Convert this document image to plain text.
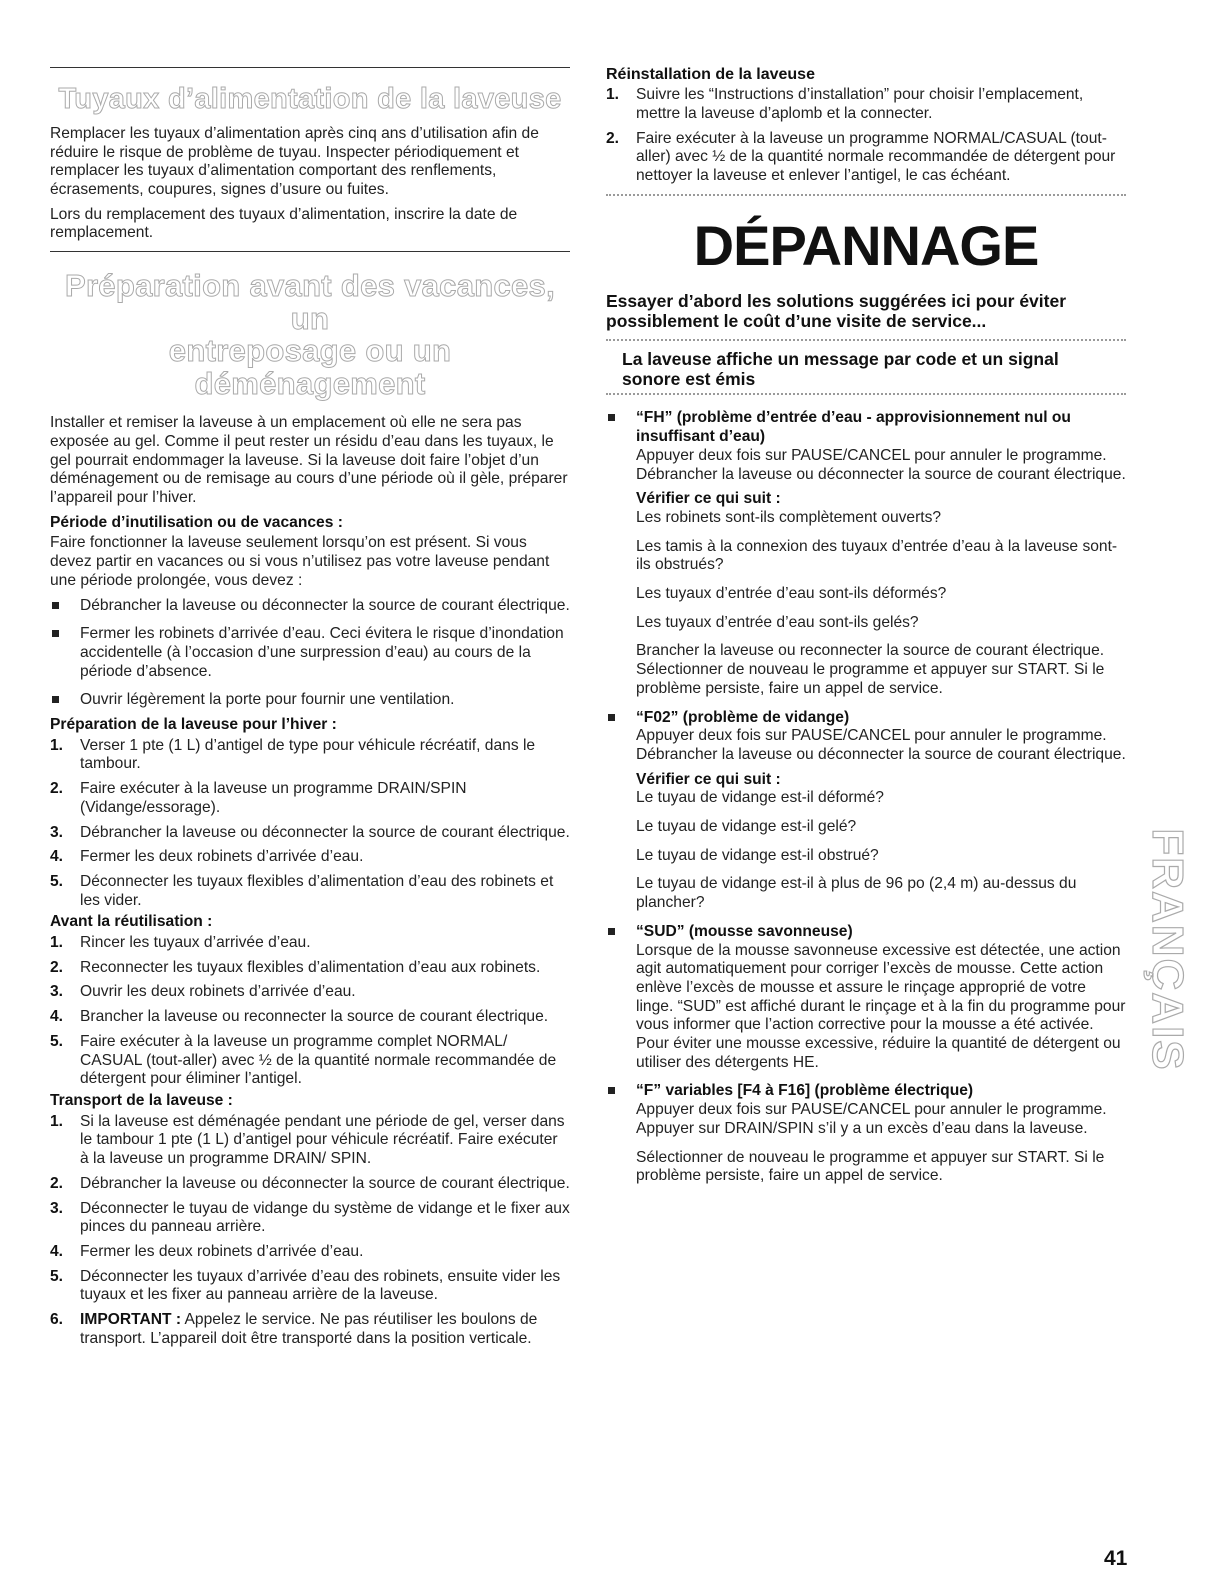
Tuyaux d’alimentation de la laveuse

Remplacer les tuyaux d’alimentation après cinq ans d’utilisation afin de réduire le risque de problème de tuyau. Inspecter périodiquement et remplacer les tuyaux d’alimentation comportant des renflements, écrasements, coupures, signes d’usure ou fuites.

Lors du remplacement des tuyaux d’alimentation, inscrire la date de remplacement.

Préparation avant des vacances, un
entreposage ou un déménagement

Installer et remiser la laveuse à un emplacement où elle ne sera pas exposée au gel. Comme il peut rester un résidu d’eau dans les tuyaux, le gel pourrait endommager la laveuse. Si la laveuse doit faire l’objet d’un déménagement ou de remisage au cours d’une période où il gèle, préparer l’appareil pour l’hiver.

Période d’inutilisation ou de vacances :

Faire fonctionner la laveuse seulement lorsqu’on est présent. Si vous devez partir en vacances ou si vous n’utilisez pas votre laveuse pendant une période prolongée, vous devez :

Débrancher la laveuse ou déconnecter la source de courant électrique.
Fermer les robinets d’arrivée d’eau. Ceci évitera le risque d’inondation accidentelle (à l’occasion d’une surpression d’eau) au cours de la période d’absence.
Ouvrir légèrement la porte pour fournir une ventilation.
Préparation de la laveuse pour l’hiver :
1. Verser 1 pte (1 L) d’antigel de type pour véhicule récréatif, dans le tambour.
2. Faire exécuter à la laveuse un programme DRAIN/SPIN (Vidange/essorage).
3. Débrancher la laveuse ou déconnecter la source de courant électrique.
4. Fermer les deux robinets d’arrivée d’eau.
5. Déconnecter les tuyaux flexibles d’alimentation d’eau des robinets et les vider.
Avant la réutilisation :
1. Rincer les tuyaux d’arrivée d’eau.
2. Reconnecter les tuyaux flexibles d’alimentation d’eau aux robinets.
3. Ouvrir les deux robinets d’arrivée d’eau.
4. Brancher la laveuse ou reconnecter la source de courant électrique.
5. Faire exécuter à la laveuse un programme complet NORMAL/ CASUAL (tout-aller) avec ½ de la quantité normale recommandée de détergent pour éliminer l’antigel.
Transport de la laveuse :
1. Si la laveuse est déménagée pendant une période de gel, verser dans le tambour 1 pte (1 L) d’antigel pour véhicule récréatif. Faire exécuter à la laveuse un programme DRAIN/ SPIN.
2. Débrancher la laveuse ou déconnecter la source de courant électrique.
3. Déconnecter le tuyau de vidange du système de vidange et le fixer aux pinces du panneau arrière.
4. Fermer les deux robinets d’arrivée d’eau.
5. Déconnecter les tuyaux d’arrivée d’eau des robinets, ensuite vider les tuyaux et les fixer au panneau arrière de la laveuse.
6. IMPORTANT : Appelez le service. Ne pas réutiliser les boulons de transport. L’appareil doit être transporté dans la position verticale.
Réinstallation de la laveuse
1. Suivre les “Instructions d’installation” pour choisir l’emplacement, mettre la laveuse d’aplomb et la connecter.
2. Faire exécuter à la laveuse un programme NORMAL/CASUAL (tout-aller) avec ½ de la quantité normale recommandée de détergent pour nettoyer la laveuse et enlever l’antigel, le cas échéant.
DÉPANNAGE
Essayer d’abord les solutions suggérées ici pour éviter possiblement le coût d’une visite de service...
La laveuse affiche un message par code et un signal sonore est émis
“FH” (problème d’entrée d’eau - approvisionnement nul ou insuffisant d’eau)

Appuyer deux fois sur PAUSE/CANCEL pour annuler le programme. Débrancher la laveuse ou déconnecter la source de courant électrique.

Vérifier ce qui suit :

Les robinets sont-ils complètement ouverts?

Les tamis à la connexion des tuyaux d’entrée d’eau à la laveuse sont-ils obstrués?

Les tuyaux d’entrée d’eau sont-ils déformés?

Les tuyaux d’entrée d’eau sont-ils gelés?

Brancher la laveuse ou reconnecter la source de courant électrique. Sélectionner de nouveau le programme et appuyer sur START. Si le problème persiste, faire un appel de service.

“F02” (problème de vidange)

Appuyer deux fois sur PAUSE/CANCEL pour annuler le programme. Débrancher la laveuse ou déconnecter la source de courant électrique.

Vérifier ce qui suit :

Le tuyau de vidange est-il déformé?

Le tuyau de vidange est-il gelé?

Le tuyau de vidange est-il obstrué?

Le tuyau de vidange est-il à plus de 96 po (2,4 m) au-dessus du plancher?

“SUD” (mousse savonneuse)

Lorsque de la mousse savonneuse excessive est détectée, une action agit automatiquement pour corriger l’excès de mousse. Cette action enlève l’excès de mousse et assure le rinçage approprié de votre linge. “SUD” est affiché durant le rinçage et à la fin du programme pour vous informer que l’action corrective pour la mousse a été activée. Pour éviter une mousse excessive, réduire la quantité de détergent ou utiliser des détergents HE.

“F” variables [F4 à F16] (problème électrique)

Appuyer deux fois sur PAUSE/CANCEL pour annuler le programme. Appuyer sur DRAIN/SPIN s’il y a un excès d’eau dans la laveuse.

Sélectionner de nouveau le programme et appuyer sur START. Si le problème persiste, faire un appel de service.

FRANÇAIS
41
